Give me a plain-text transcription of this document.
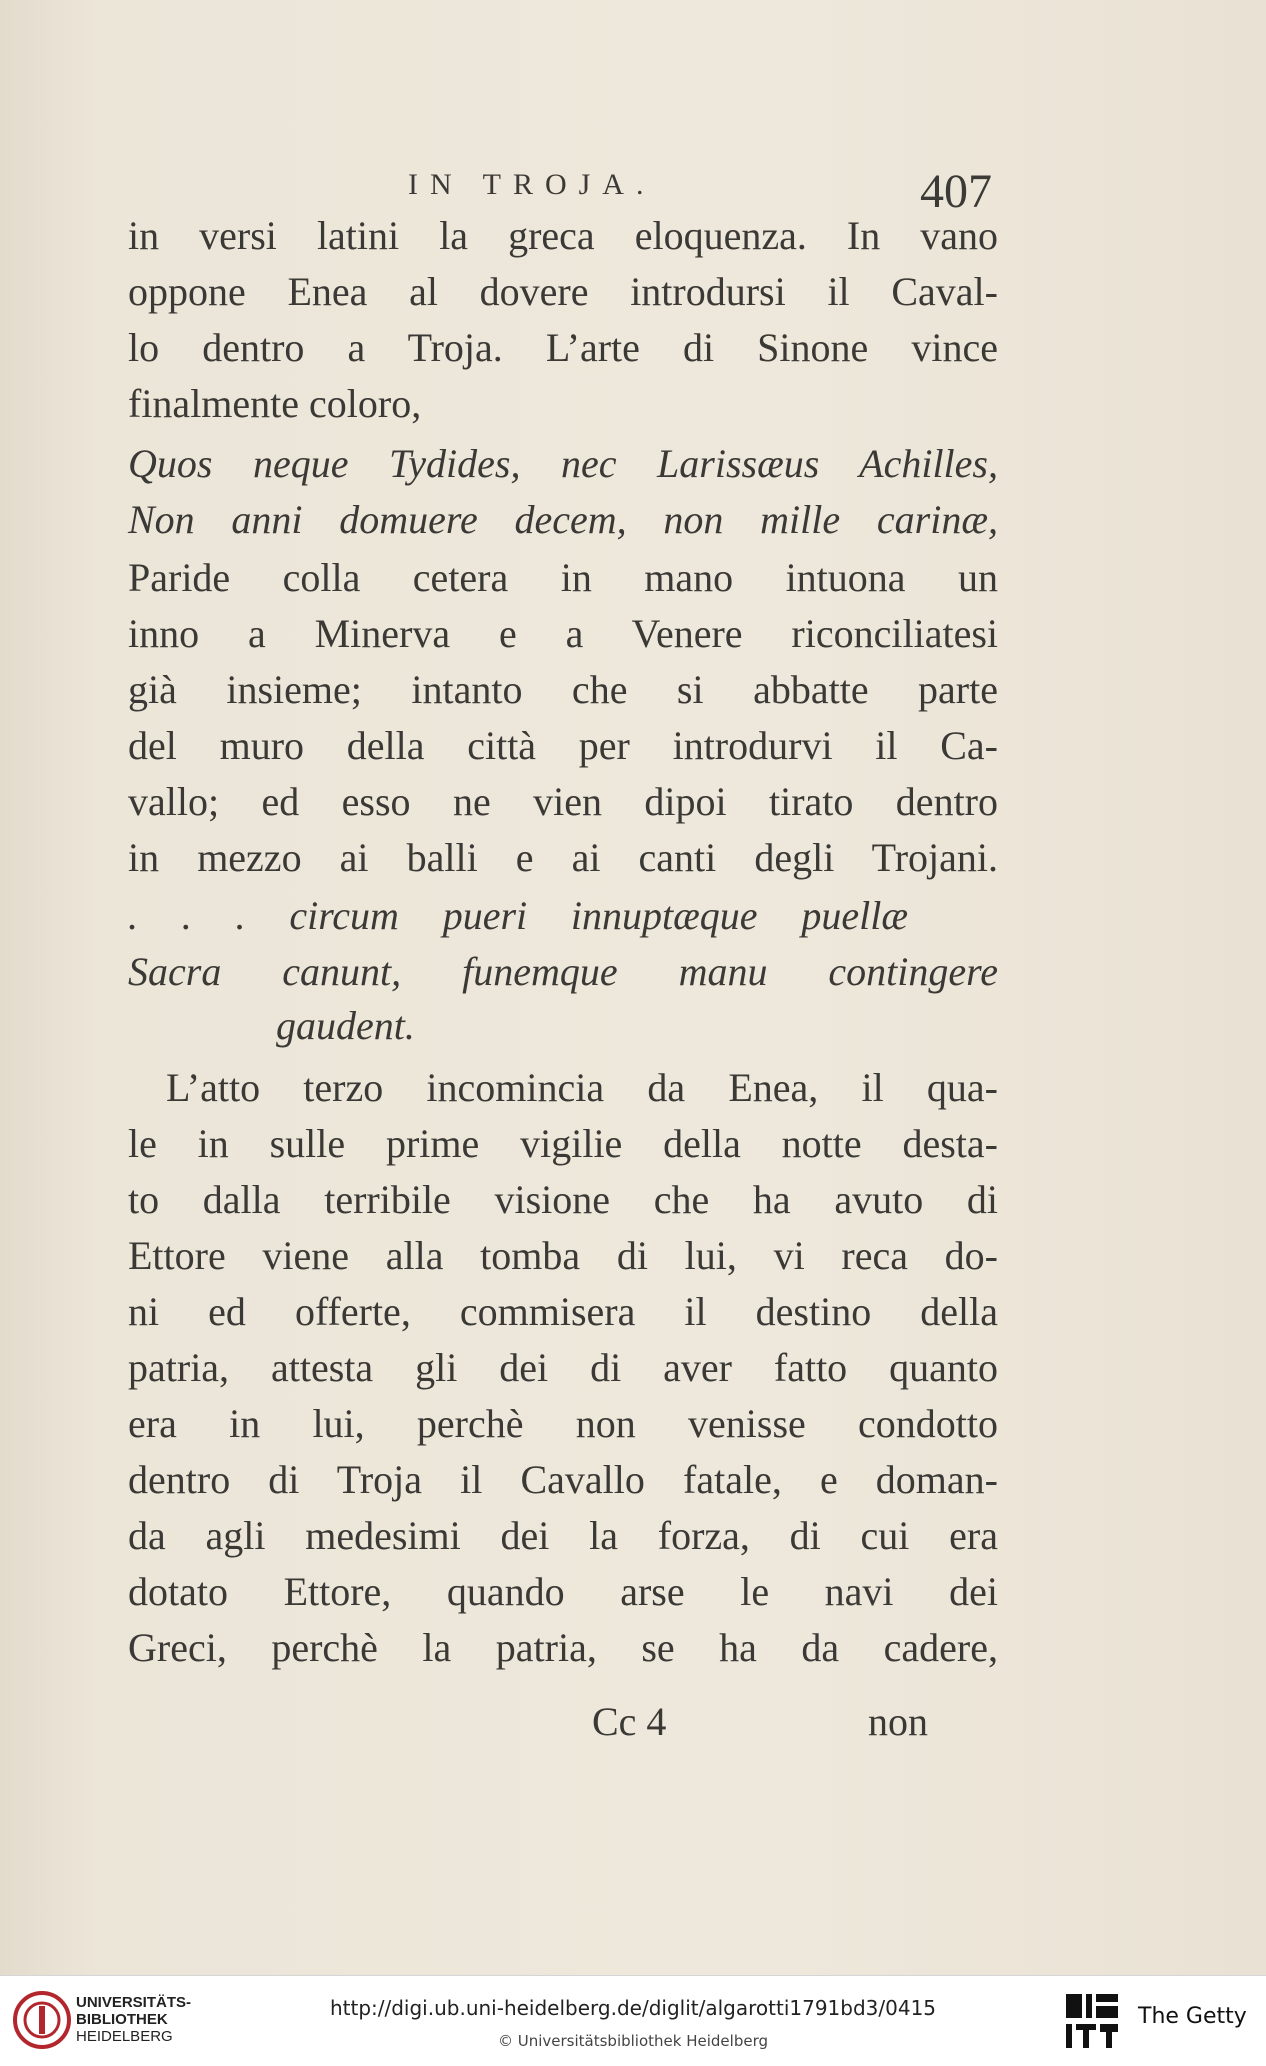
IN TROJA.	407
in versi latini la greca eloquenza. In vano
oppone Enea al dovere introdursi il Caval-
lo dentro a Troja. L’arte di Sinone vince
finalmente coloro,
Quos neque Tydides, nec Larissæus Achilles,
Non anni domuere decem, non mille carinæ,
Paride colla cetera in mano intuona un
inno a Minerva e a Venere riconciliatesi
già insieme; intanto che si abbatte parte
del muro della città per introdurvi il Ca-
vallo; ed esso ne vien dipoi tirato dentro
in mezzo ai balli e ai canti degli Trojani.
. . . circum pueri innuptæque puellæ
Sacra canunt, funemque manu contingere
gaudent.
L’atto terzo incomincia da Enea, il qua-
le in sulle prime vigilie della notte desta-
to dalla terribile visione che ha avuto di
Ettore viene alla tomba di lui, vi reca do-
ni ed offerte, commisera il destino della
patria, attesta gli dei di aver fatto quanto
era in lui, perchè non venisse condotto
dentro di Troja il Cavallo fatale, e doman-
da agli medesimi dei la forza, di cui era
dotato Ettore, quando arse le navi dei
Greci, perchè la patria, se ha da cadere,
Cc 4	non
UNIVERSITÄTS-
BIBLIOTHEK
HEIDELBERG
http://digi.ub.uni-heidelberg.de/diglit/algarotti1791bd3/0415
© Universitätsbibliothek Heidelberg
The Getty
